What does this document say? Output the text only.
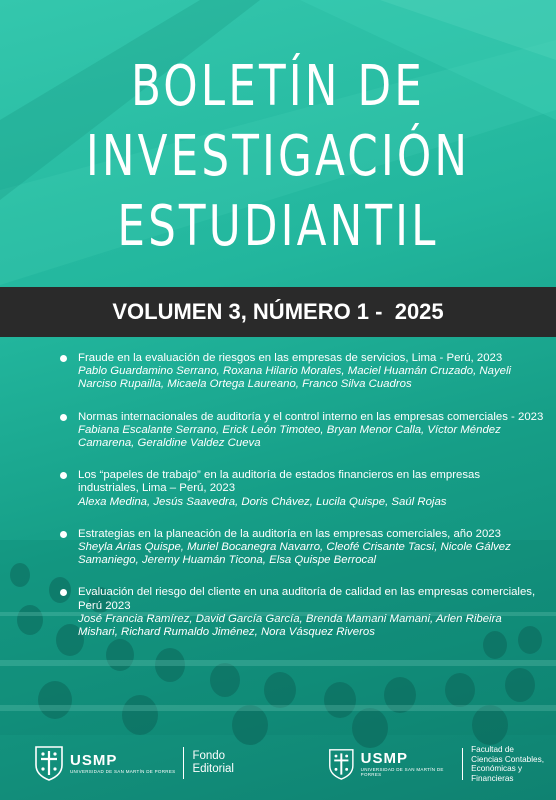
BOLETÍN DE
INVESTIGACIÓN
ESTUDIANTIL
VOLUMEN 3, NÚMERO 1 -  2025
Fraude en la evaluación de riesgos en las empresas de servicios, Lima - Perú, 2023
Pablo Guardamino Serrano, Roxana Hilario Morales, Maciel Huamán Cruzado, Nayeli Narciso Rupailla, Micaela Ortega Laureano, Franco Silva Cuadros
Normas internacionales de auditoría y el control interno en las empresas comerciales - 2023
Fabiana Escalante Serrano, Erick León Timoteo, Bryan Menor Calla, Víctor Méndez Camarena, Geraldine Valdez Cueva
Los “papeles de trabajo” en la auditoría de estados financieros en las empresas industriales, Lima – Perú, 2023
Alexa Medina, Jesús Saavedra, Doris Chávez, Lucila Quispe, Saúl Rojas
Estrategias en la planeación de la auditoría en las empresas comerciales, año 2023
Sheyla Arias Quispe, Muriel Bocanegra Navarro, Cleofé Crisante Tacsi, Nicole Gálvez Samaniego, Jeremy Huamán Ticona, Elsa Quispe Berrocal
Evaluación del riesgo del cliente en una auditoría de calidad en las empresas comerciales, Perú 2023
José Francia Ramírez, David García García, Brenda Mamani Mamani, Arlen Ribeira Mishari, Richard Rumaldo Jiménez, Nora Vásquez Riveros
USMP
UNIVERSIDAD DE SAN MARTÍN DE PORRES
Fondo
Editorial
USMP
UNIVERSIDAD DE SAN MARTÍN DE PORRES
Facultad de
Ciencias Contables,
Económicas y Financieras
